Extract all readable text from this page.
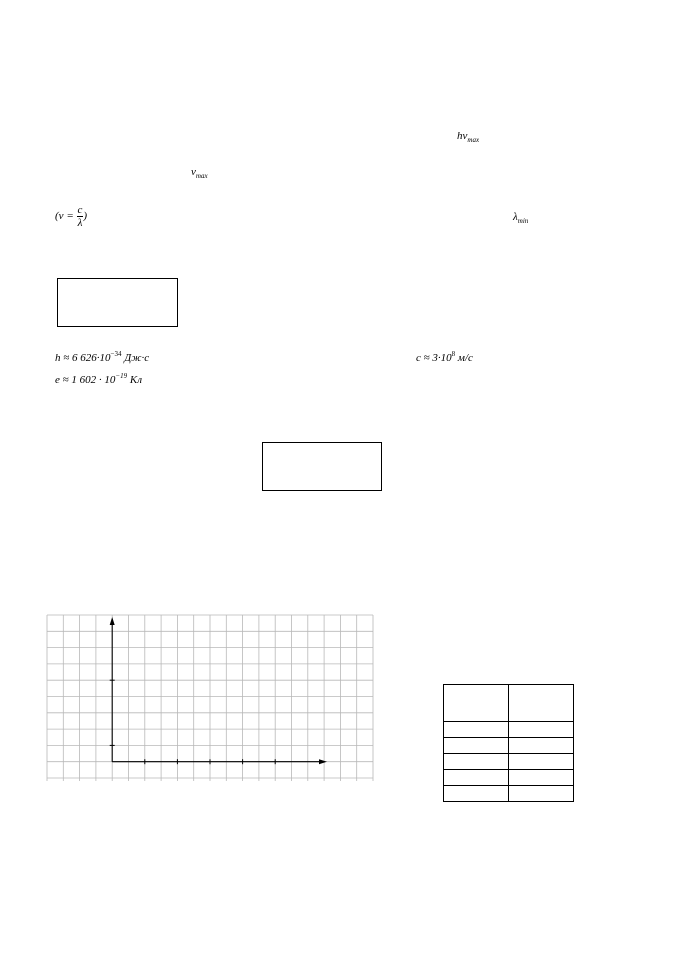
$h\nu_{max}$
$\nu_{max}$
($\nu = \frac{c}{\lambda}$ )	$\lambda_{min}$
h ≈ 6 $626\cdot 10^{-34}$ Дж·с	$c \approx 3\cdot 10^8$ м/с
e ≈ 1 $602 \cdot 10^{-19}$ Кл
